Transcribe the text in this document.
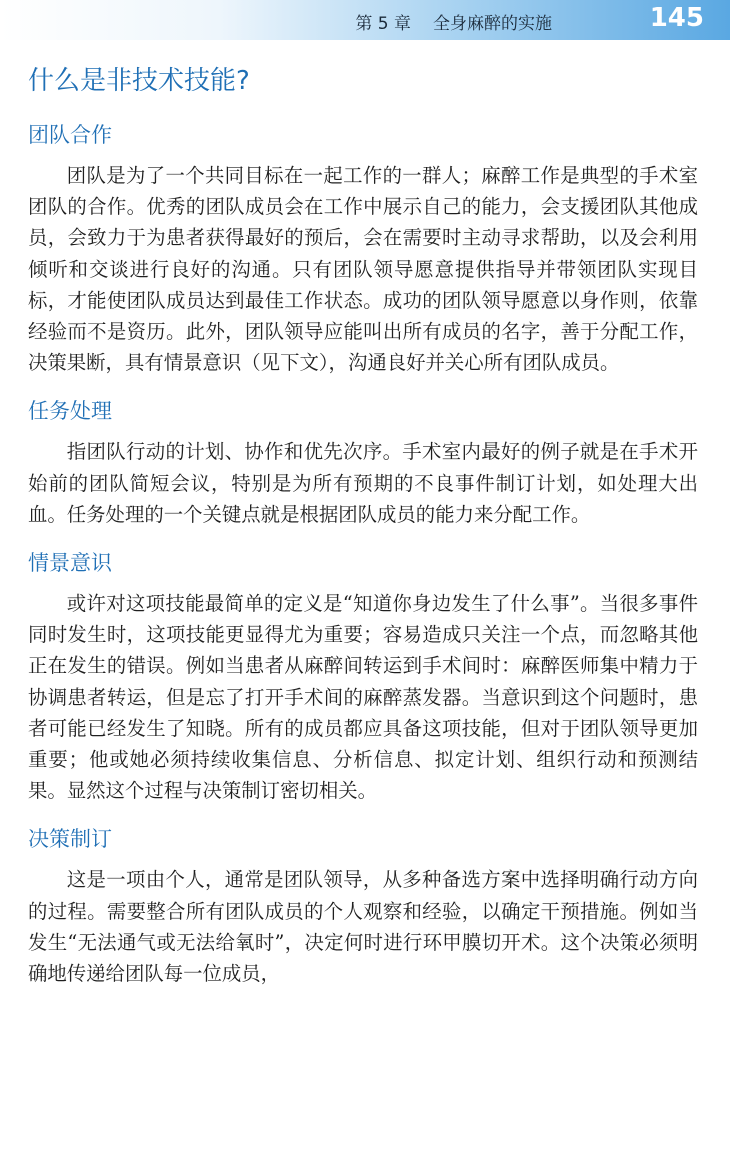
第 5 章 全身麻醉的实施	145
什么是非技术技能?
团队合作

团队是为了一个共同目标在一起工作的一群人；麻醉工作是典型的手术室团队的合作。优秀的团队成员会在工作中展示自己的能力，会支援团队其他成员，会致力于为患者获得最好的预后，会在需要时主动寻求帮助，以及会利用倾听和交谈进行良好的沟通。只有团队领导愿意提供指导并带领团队实现目标，才能使团队成员达到最佳工作状态。成功的团队领导愿意以身作则，依靠经验而不是资历。此外，团队领导应能叫出所有成员的名字，善于分配工作，决策果断，具有情景意识（见下文），沟通良好并关心所有团队成员。

任务处理

指团队行动的计划、协作和优先次序。手术室内最好的例子就是在手术开始前的团队简短会议，特别是为所有预期的不良事件制订计划，如处理大出血。任务处理的一个关键点就是根据团队成员的能力来分配工作。

情景意识

或许对这项技能最简单的定义是“知道你身边发生了什么事”。当很多事件同时发生时，这项技能更显得尤为重要；容易造成只关注一个点，而忽略其他正在发生的错误。例如当患者从麻醉间转运到手术间时：麻醉医师集中精力于协调患者转运，但是忘了打开手术间的麻醉蒸发器。当意识到这个问题时，患者可能已经发生了知晓。所有的成员都应具备这项技能，但对于团队领导更加重要；他或她必须持续收集信息、分析信息、拟定计划、组织行动和预测结果。显然这个过程与决策制订密切相关。

决策制订

这是一项由个人，通常是团队领导，从多种备选方案中选择明确行动方向的过程。需要整合所有团队成员的个人观察和经验，以确定干预措施。例如当发生“无法通气或无法给氧时”，决定何时进行环甲膜切开术。这个决策必须明确地传递给团队每一位成员，
